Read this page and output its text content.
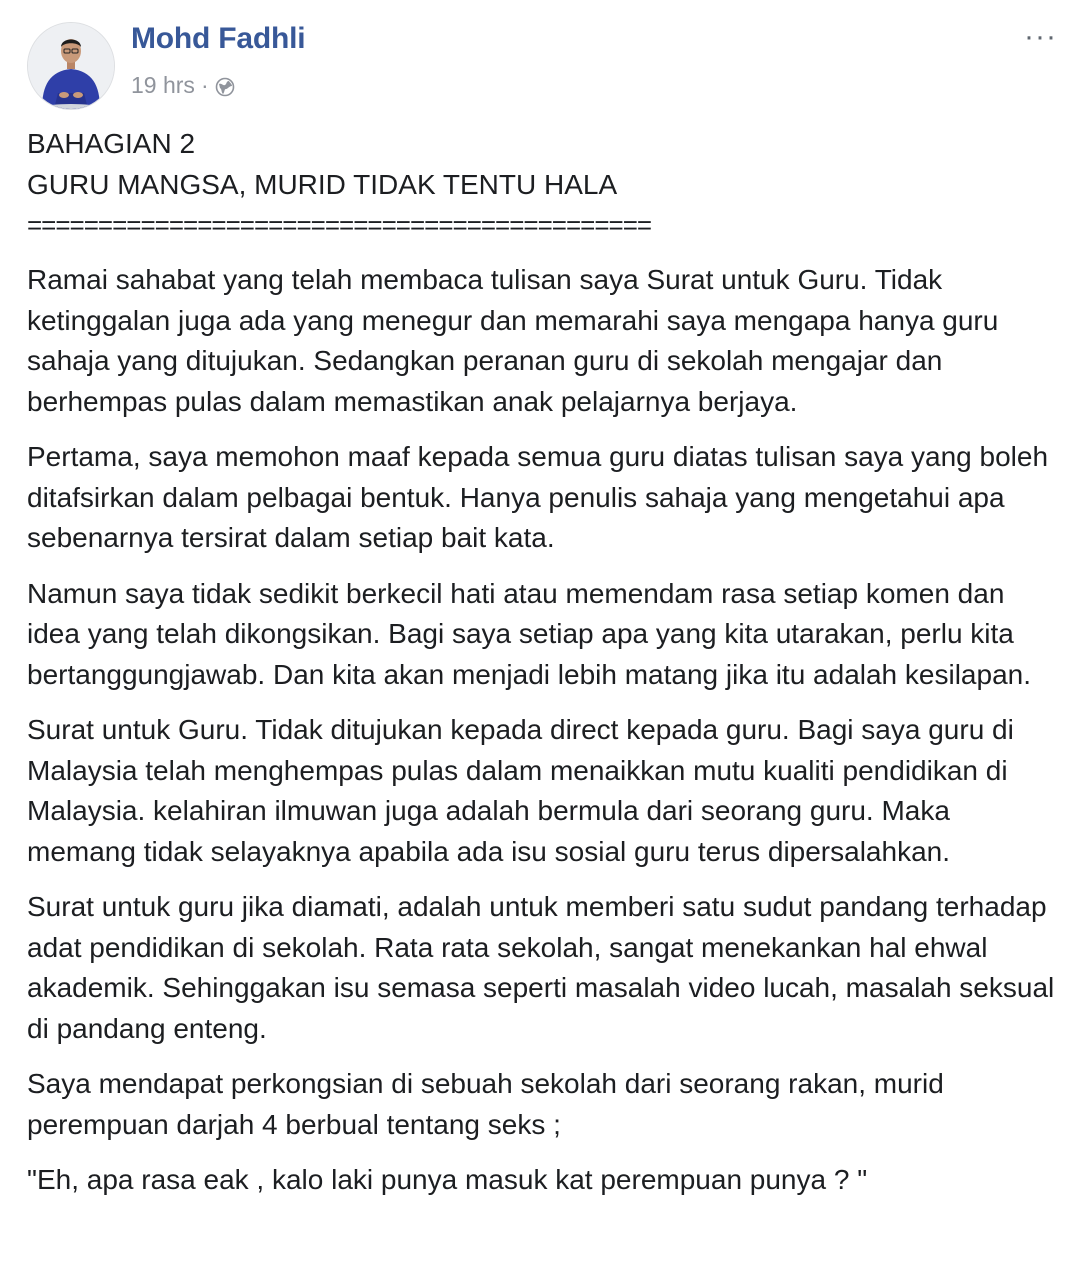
Mohd Fadhli
19 hrs ·
···
BAHAGIAN 2
GURU MANGSA, MURID TIDAK TENTU HALA
============================================

Ramai sahabat yang telah membaca tulisan saya Surat untuk Guru. Tidak ketinggalan juga ada yang menegur dan memarahi saya mengapa hanya guru sahaja yang ditujukan. Sedangkan peranan guru di sekolah mengajar dan berhempas pulas dalam memastikan anak pelajarnya berjaya.

Pertama, saya memohon maaf kepada semua guru diatas tulisan saya yang boleh ditafsirkan dalam pelbagai bentuk. Hanya penulis sahaja yang mengetahui apa sebenarnya tersirat dalam setiap bait kata.

Namun saya tidak sedikit berkecil hati atau memendam rasa setiap komen dan idea yang telah dikongsikan. Bagi saya setiap apa yang kita utarakan, perlu kita bertanggungjawab. Dan kita akan menjadi lebih matang jika itu adalah kesilapan.

Surat untuk Guru. Tidak ditujukan kepada direct kepada guru. Bagi saya guru di Malaysia telah menghempas pulas dalam menaikkan mutu kualiti pendidikan di Malaysia. kelahiran ilmuwan juga adalah bermula dari seorang guru. Maka memang tidak selayaknya apabila ada isu sosial guru terus dipersalahkan.

Surat untuk guru jika diamati, adalah untuk memberi satu sudut pandang terhadap adat pendidikan di sekolah. Rata rata sekolah, sangat menekankan hal ehwal akademik. Sehinggakan isu semasa seperti masalah video lucah, masalah seksual di pandang enteng.

Saya mendapat perkongsian di sebuah sekolah dari seorang rakan, murid perempuan darjah 4 berbual tentang seks ;

"Eh, apa rasa eak , kalo laki punya masuk kat perempuan punya ? "
